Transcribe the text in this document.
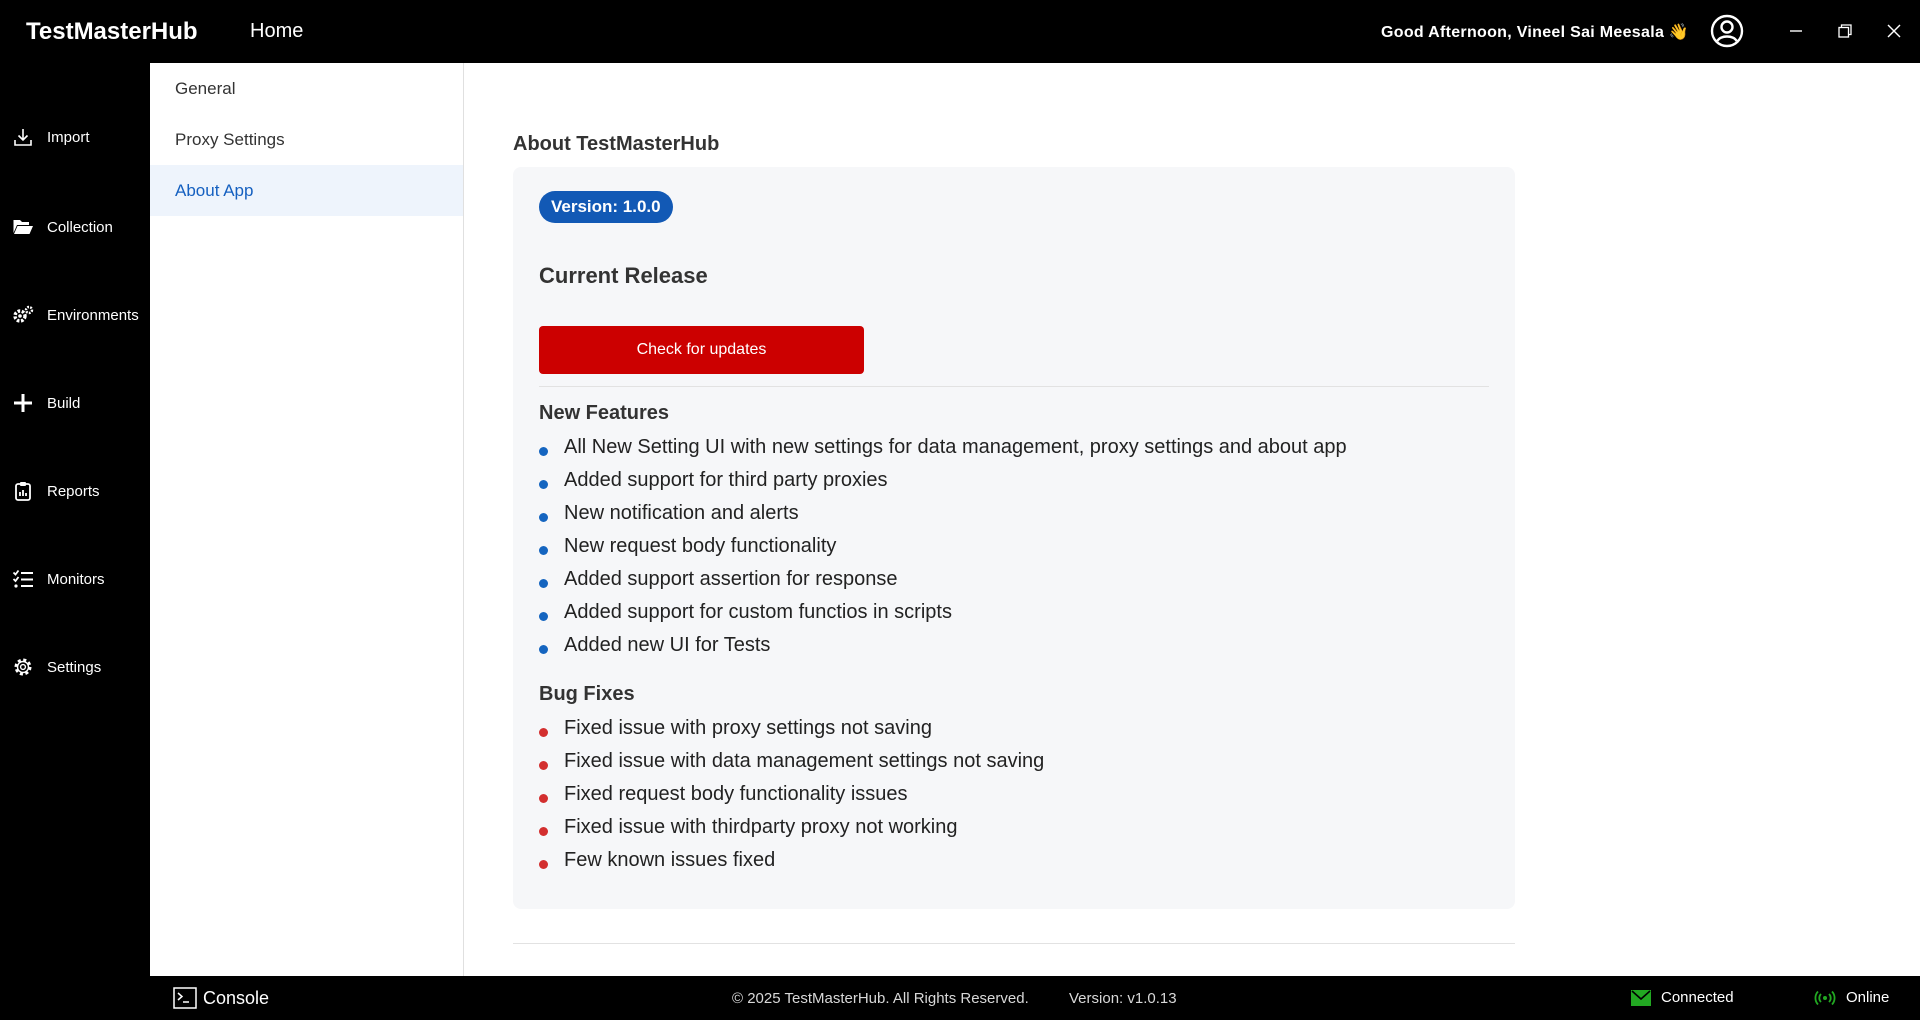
TestMasterHub	Home	Good Afternoon, Vineel Sai Meesala 👋
Import
Collection
Environments
Build
Reports
Monitors
Settings
General
Proxy Settings
About App
About TestMasterHub
Version: 1.0.0
Current Release
Check for updates
New Features
All New Setting UI with new settings for data management, proxy settings and about app
Added support for third party proxies
New notification and alerts
New request body functionality
Added support assertion for response
Added support for custom functios in scripts
Added new UI for Tests
Bug Fixes
Fixed issue with proxy settings not saving
Fixed issue with data management settings not saving
Fixed request body functionality issues
Fixed issue with thirdparty proxy not working
Few known issues fixed
Console	© 2025 TestMasterHub. All Rights Reserved.	Version: v1.0.13	Connected	Online
